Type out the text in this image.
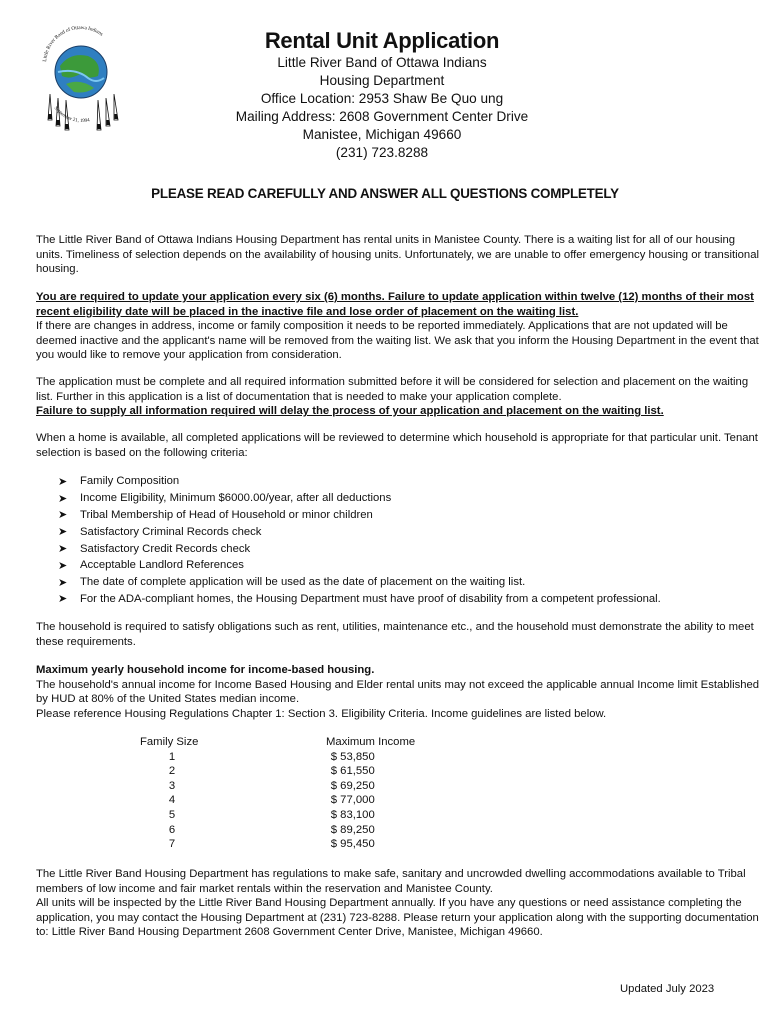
Little River Band of Ottawa Indians
September 21, 1994
Rental Unit Application
Little River Band of Ottawa Indians
Housing Department
Office Location: 2953 Shaw Be Quo ung
Mailing Address: 2608 Government Center Drive
Manistee, Michigan 49660
(231) 723.8288
PLEASE READ CAREFULLY AND ANSWER ALL QUESTIONS COMPLETELY

The Little River Band of Ottawa Indians Housing Department has rental units in Manistee County. There is a waiting list for all of our housing units. Timeliness of selection depends on the availability of housing units. Unfortunately, we are unable to offer emergency housing or transitional housing.

You are required to update your application every six (6) months. Failure to update application within twelve (12) months of their most recent eligibility date will be placed in the inactive file and lose order of placement on the waiting list.

If there are changes in address, income or family composition it needs to be reported immediately. Applications that are not updated will be deemed inactive and the applicant's name will be removed from the waiting list. We ask that you inform the Housing Department in the event that you would like to remove your application from consideration.

The application must be complete and all required information submitted before it will be considered for selection and placement on the waiting list. Further in this application is a list of documentation that is needed to make your application complete.

Failure to supply all information required will delay the process of your application and placement on the waiting list.

When a home is available, all completed applications will be reviewed to determine which household is appropriate for that particular unit. Tenant selection is based on the following criteria:

➤	Family Composition
➤	Income Eligibility, Minimum $6000.00/year, after all deductions
➤	Tribal Membership of Head of Household or minor children
➤	Satisfactory Criminal Records check
➤	Satisfactory Credit Records check
➤	Acceptable Landlord References
➤	The date of complete application will be used as the date of placement on the waiting list.
➤	For the ADA-compliant homes, the Housing Department must have proof of disability from a competent professional.

The household is required to satisfy obligations such as rent, utilities, maintenance etc., and the household must demonstrate the ability to meet these requirements.

Maximum yearly household income for income-based housing.

The household's annual income for Income Based Housing and Elder rental units may not exceed the applicable annual Income limit Established by HUD at 80% of the United States median income.

Please reference Housing Regulations Chapter 1: Section 3. Eligibility Criteria. Income guidelines are listed below.

Family Size	Maximum Income
1	$ 53,850
2	$ 61,550
3	$ 69,250
4	$ 77,000
5	$ 83,100
6	$ 89,250
7	$ 95,450

The Little River Band Housing Department has regulations to make safe, sanitary and uncrowded dwelling accommodations available to Tribal members of low income and fair market rentals within the reservation and Manistee County.

All units will be inspected by the Little River Band Housing Department annually. If you have any questions or need assistance completing the application, you may contact the Housing Department at (231) 723-8288. Please return your application along with the supporting documentation to: Little River Band Housing Department 2608 Government Center Drive, Manistee, Michigan 49660.

Updated July 2023
